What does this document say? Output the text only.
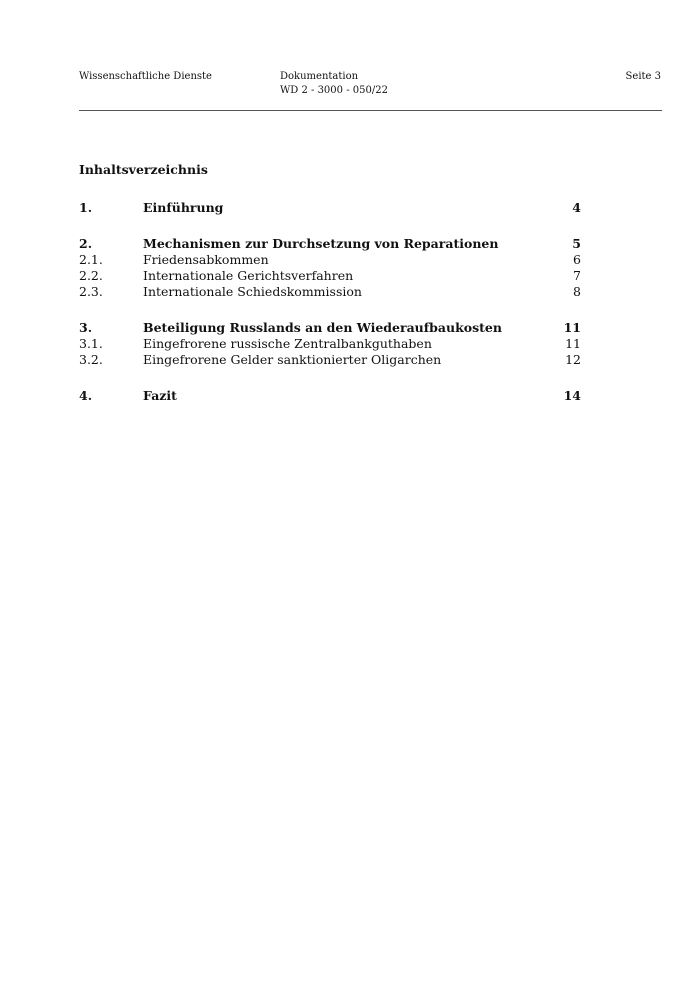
Wissenschaftliche Dienste	Dokumentation
WD 2 - 3000 - 050/22
Seite 3
Inhaltsverzeichnis
1.	Einführung	4
2.	Mechanismen zur Durchsetzung von Reparationen	5
2.1.	Friedensabkommen	6
2.2.	Internationale Gerichtsverfahren	7
2.3.	Internationale Schiedskommission	8
3.	Beteiligung Russlands an den Wiederaufbaukosten	11
3.1.	Eingefrorene russische Zentralbankguthaben	11
3.2.	Eingefrorene Gelder sanktionierter Oligarchen	12
4.	Fazit	14
